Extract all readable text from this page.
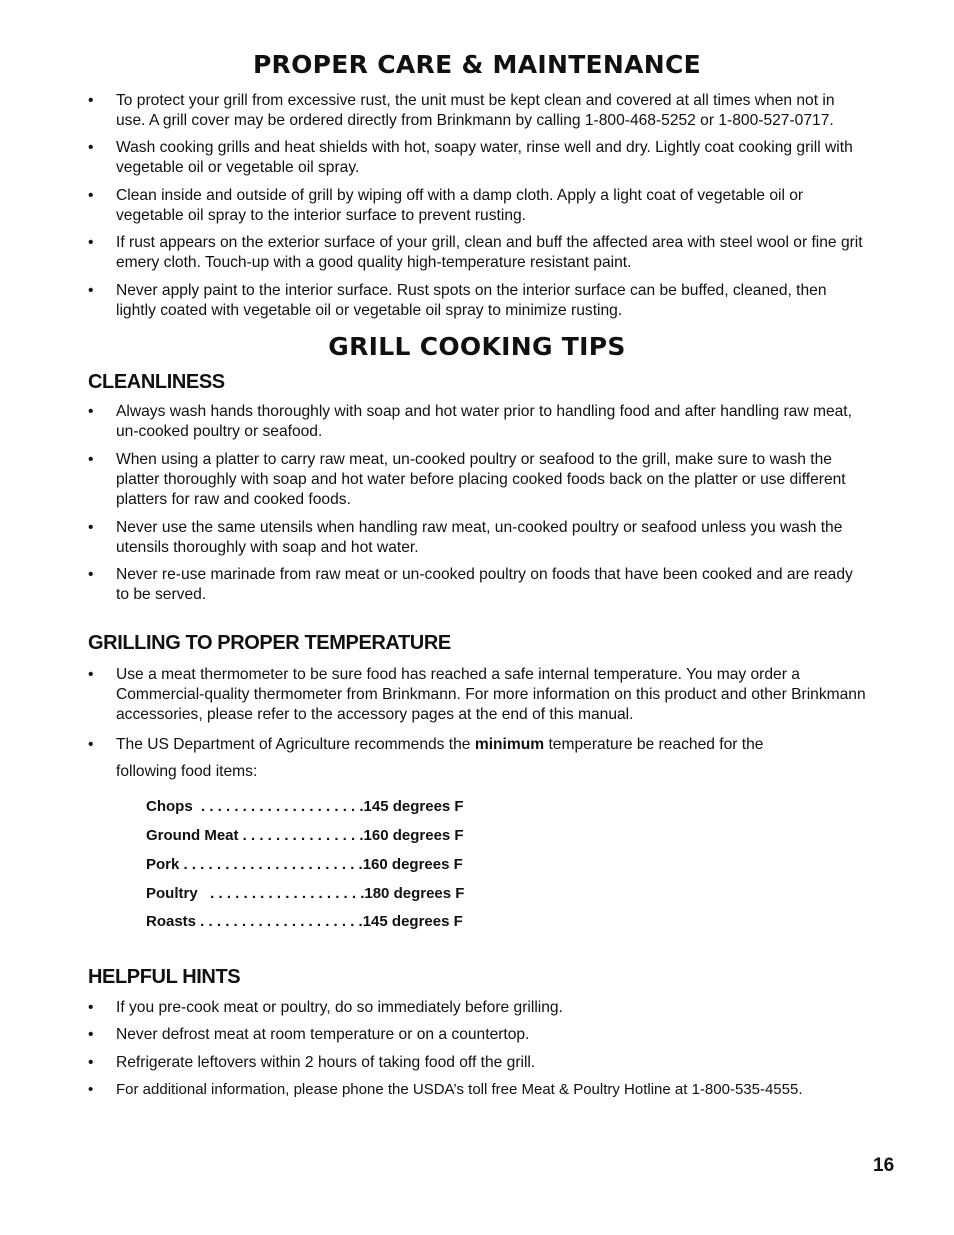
PROPER CARE & MAINTENANCE
• To protect your grill from excessive rust, the unit must be kept clean and covered at all times when not in use. A grill cover may be ordered directly from Brinkmann by calling 1-800-468-5252 or 1-800-527-0717.
• Wash cooking grills and heat shields with hot, soapy water, rinse well and dry. Lightly coat cooking grill with vegetable oil or vegetable oil spray.
• Clean inside and outside of grill by wiping off with a damp cloth. Apply a light coat of vegetable oil or vegetable oil spray to the interior surface to prevent rusting.
• If rust appears on the exterior surface of your grill, clean and buff the affected area with steel wool or fine grit emery cloth. Touch-up with a good quality high-temperature resistant paint.
• Never apply paint to the interior surface. Rust spots on the interior surface can be buffed, cleaned, then lightly coated with vegetable oil or vegetable oil spray to minimize rusting.
GRILL COOKING TIPS
CLEANLINESS
• Always wash hands thoroughly with soap and hot water prior to handling food and after handling raw meat, un-cooked poultry or seafood.
• When using a platter to carry raw meat, un-cooked poultry or seafood to the grill, make sure to wash the platter thoroughly with soap and hot water before placing cooked foods back on the platter or use different platters for raw and cooked foods.
• Never use the same utensils when handling raw meat, un-cooked poultry or seafood unless you wash the utensils thoroughly with soap and hot water.
• Never re-use marinade from raw meat or un-cooked poultry on foods that have been cooked and are ready to be served.
GRILLING TO PROPER TEMPERATURE
• Use a meat thermometer to be sure food has reached a safe internal temperature. You may order a Commercial-quality thermometer from Brinkmann. For more information on this product and other Brinkmann accessories, please refer to the accessory pages at the end of this manual.
• The US Department of Agriculture recommends the minimum temperature be reached for the
following food items:
Chops  . . . . . . . . . . . . . . . . . . . .145 degrees F
Ground Meat . . . . . . . . . . . . . . .160 degrees F
Pork . . . . . . . . . . . . . . . . . . . . . .160 degrees F
Poultry   . . . . . . . . . . . . . . . . . . .180 degrees F
Roasts . . . . . . . . . . . . . . . . . . . .145 degrees F
HELPFUL HINTS
• If you pre-cook meat or poultry, do so immediately before grilling.
• Never defrost meat at room temperature or on a countertop.
• Refrigerate leftovers within 2 hours of taking food off the grill.
• For additional information, please phone the USDA’s toll free Meat & Poultry Hotline at 1-800-535-4555.
16
